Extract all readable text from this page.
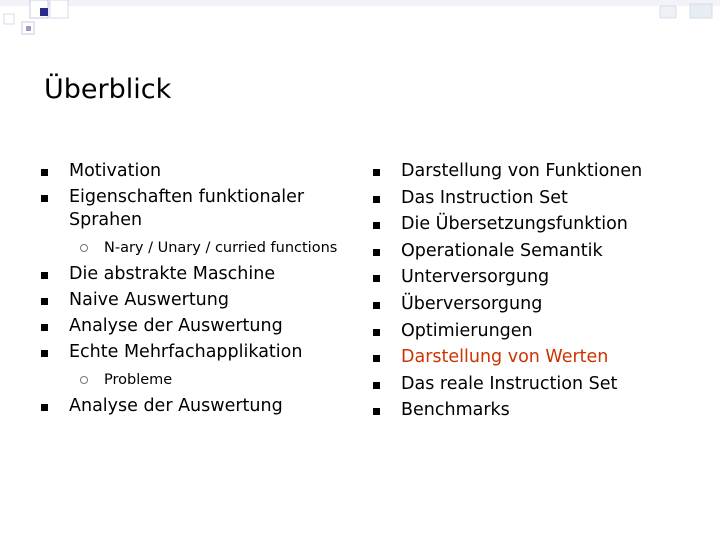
Überblick
Motivation
Eigenschaften funktionaler Sprahen
N-ary / Unary / curried functions
Die abstrakte Maschine
Naive Auswertung
Analyse der Auswertung
Echte Mehrfachapplikation
Probleme
Analyse der Auswertung
Darstellung von Funktionen
Das Instruction Set
Die Übersetzungsfunktion
Operationale Semantik
Unterversorgung
Überversorgung
Optimierungen
Darstellung von Werten
Das reale Instruction Set
Benchmarks
